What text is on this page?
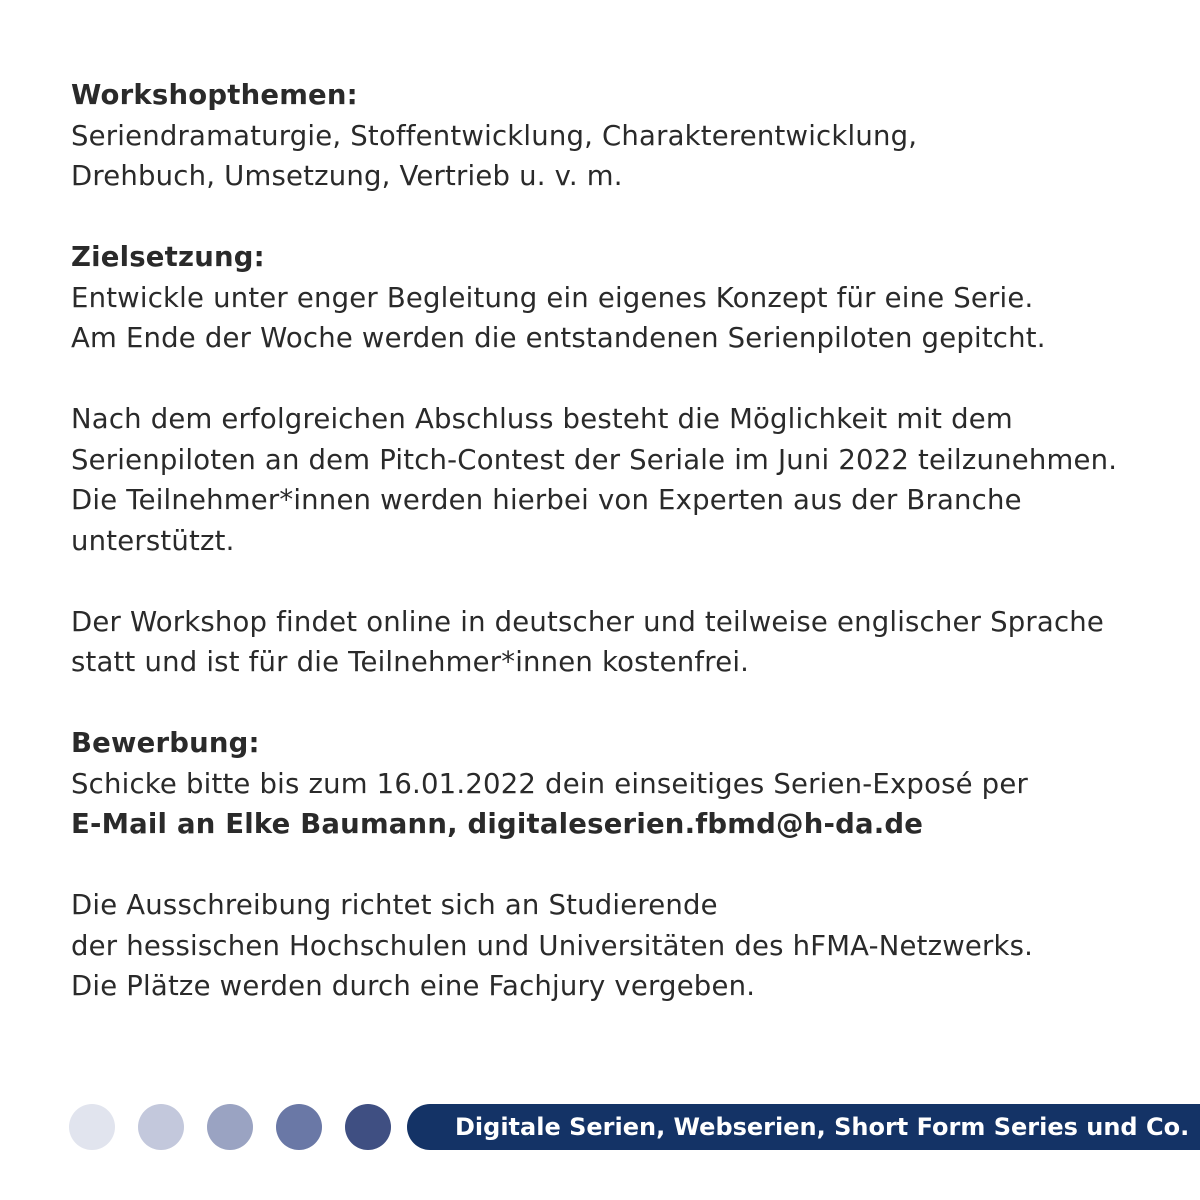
Workshopthemen:
Seriendramaturgie, Stoffentwicklung, Charakterentwicklung,
Drehbuch, Umsetzung, Vertrieb u. v. m.
Zielsetzung:
Entwickle unter enger Begleitung ein eigenes Konzept für eine Serie.
Am Ende der Woche werden die entstandenen Serienpiloten gepitcht.
Nach dem erfolgreichen Abschluss besteht die Möglichkeit mit dem
Serienpiloten an dem Pitch-Contest der Seriale im Juni 2022 teilzunehmen.
Die Teilnehmer*innen werden hierbei von Experten aus der Branche
unterstützt.
Der Workshop findet online in deutscher und teilweise englischer Sprache
statt und ist für die Teilnehmer*innen kostenfrei.
Bewerbung:
Schicke bitte bis zum 16.01.2022 dein einseitiges Serien-Exposé per
E-Mail an Elke Baumann, digitaleserien.fbmd@h-da.de
Die Ausschreibung richtet sich an Studierende
der hessischen Hochschulen und Universitäten des hFMA-Netzwerks.
Die Plätze werden durch eine Fachjury vergeben.
Digitale Serien, Webserien, Short Form Series und Co.
